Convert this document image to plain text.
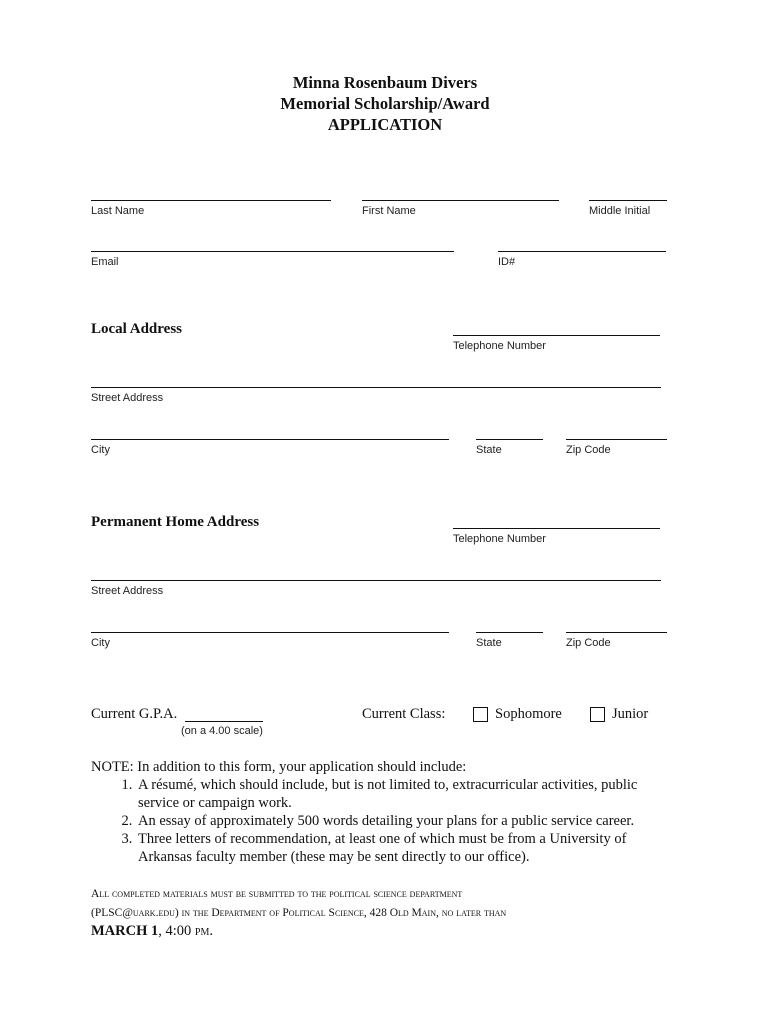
Minna Rosenbaum Divers
Memorial Scholarship/Award
APPLICATION
Last Name	First Name	Middle Initial
Email	ID#
Local Address
Telephone Number
Street Address
City	State	Zip Code
Permanent Home Address
Telephone Number
Street Address
City	State	Zip Code
Current G.P.A.
(on a 4.00 scale)
Current Class:	Sophomore	Junior
NOTE: In addition to this form, your application should include:
1. A résumé, which should include, but is not limited to, extracurricular activities, public service or campaign work.
2. An essay of approximately 500 words detailing your plans for a public service career.
3. Three letters of recommendation, at least one of which must be from a University of Arkansas faculty member (these may be sent directly to our office).
All completed materials must be submitted to the political science department
(PLSC@uark.edu) in the Department of Political Science, 428 Old Main, no later than
MARCH 1, 4:00 pm.
